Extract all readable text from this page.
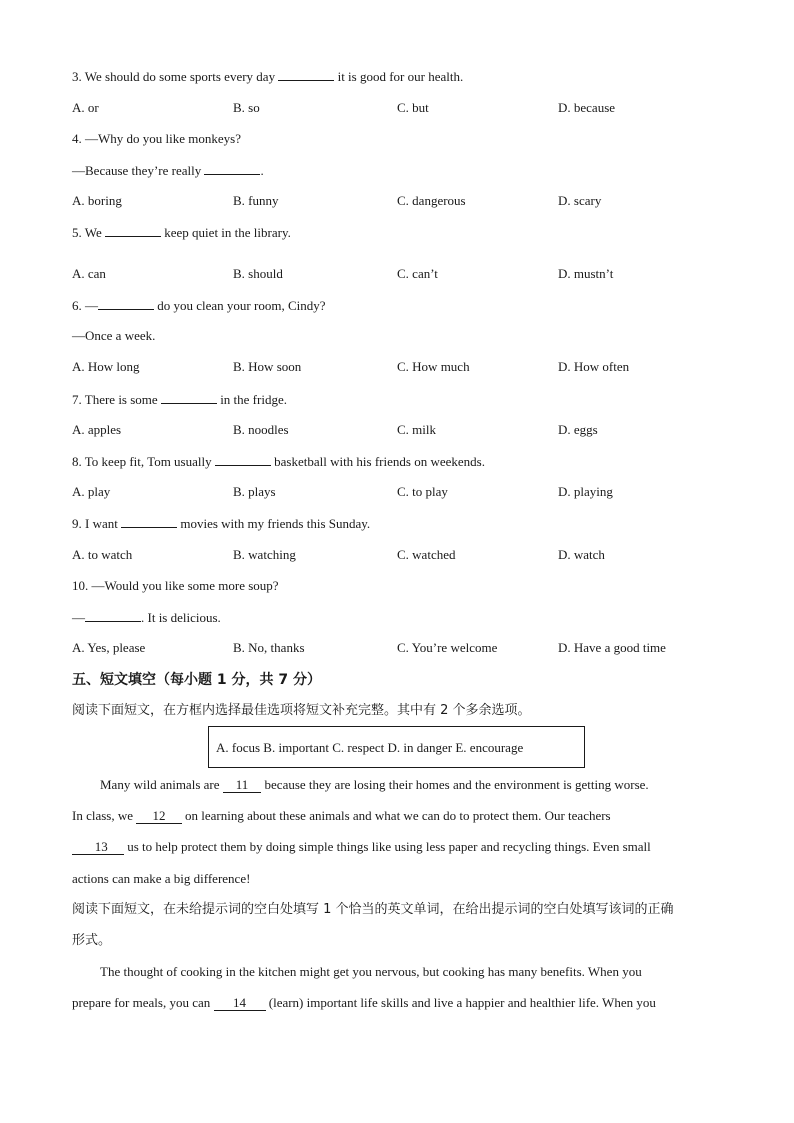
3. We should do some sports every day	it is good for our health.
A. or	B. so	C. but	D. because
4. —Why do you like monkeys?
—Because they’re really	.
A. boring	B. funny	C. dangerous	D. scary
5. We	keep quiet in the library.
A. can	B. should	C. can’t	D. mustn’t
6. —	do you clean your room, Cindy?
—Once a week.
A. How long	B. How soon	C. How much	D. How often
7. There is some	in the fridge.
A. apples	B. noodles	C. milk	D. eggs
8. To keep fit, Tom usually	basketball with his friends on weekends.
A. play	B. plays	C. to play	D. playing
9. I want	movies with my friends this Sunday.
A. to watch	B. watching	C. watched	D. watch
10. —Would you like some more soup?
—	. It is delicious.
A. Yes, please	B. No, thanks	C. You’re welcome	D. Have a good time
五、短文填空（每小题 1 分，共 7 分）
阅读下面短文，在方框内选择最佳选项将短文补充完整。其中有 2 个多余选项。
A. focus B. important C. respect D. in danger E. encourage
Many wild animals are     11     because they are losing their homes and the environment is getting worse.
In class, we      12      on learning about these animals and what we can do to protect them. Our teachers
13      us to help protect them by doing simple things like using less paper and recycling things. Even small
actions can make a big difference!
阅读下面短文，在未给提示词的空白处填写 1 个恰当的英文单词，在给出提示词的空白处填写该词的正确
形式。
The thought of cooking in the kitchen might get you nervous, but cooking has many benefits. When you
prepare for meals, you can       14       (learn) important life skills and live a happier and healthier life. When you
